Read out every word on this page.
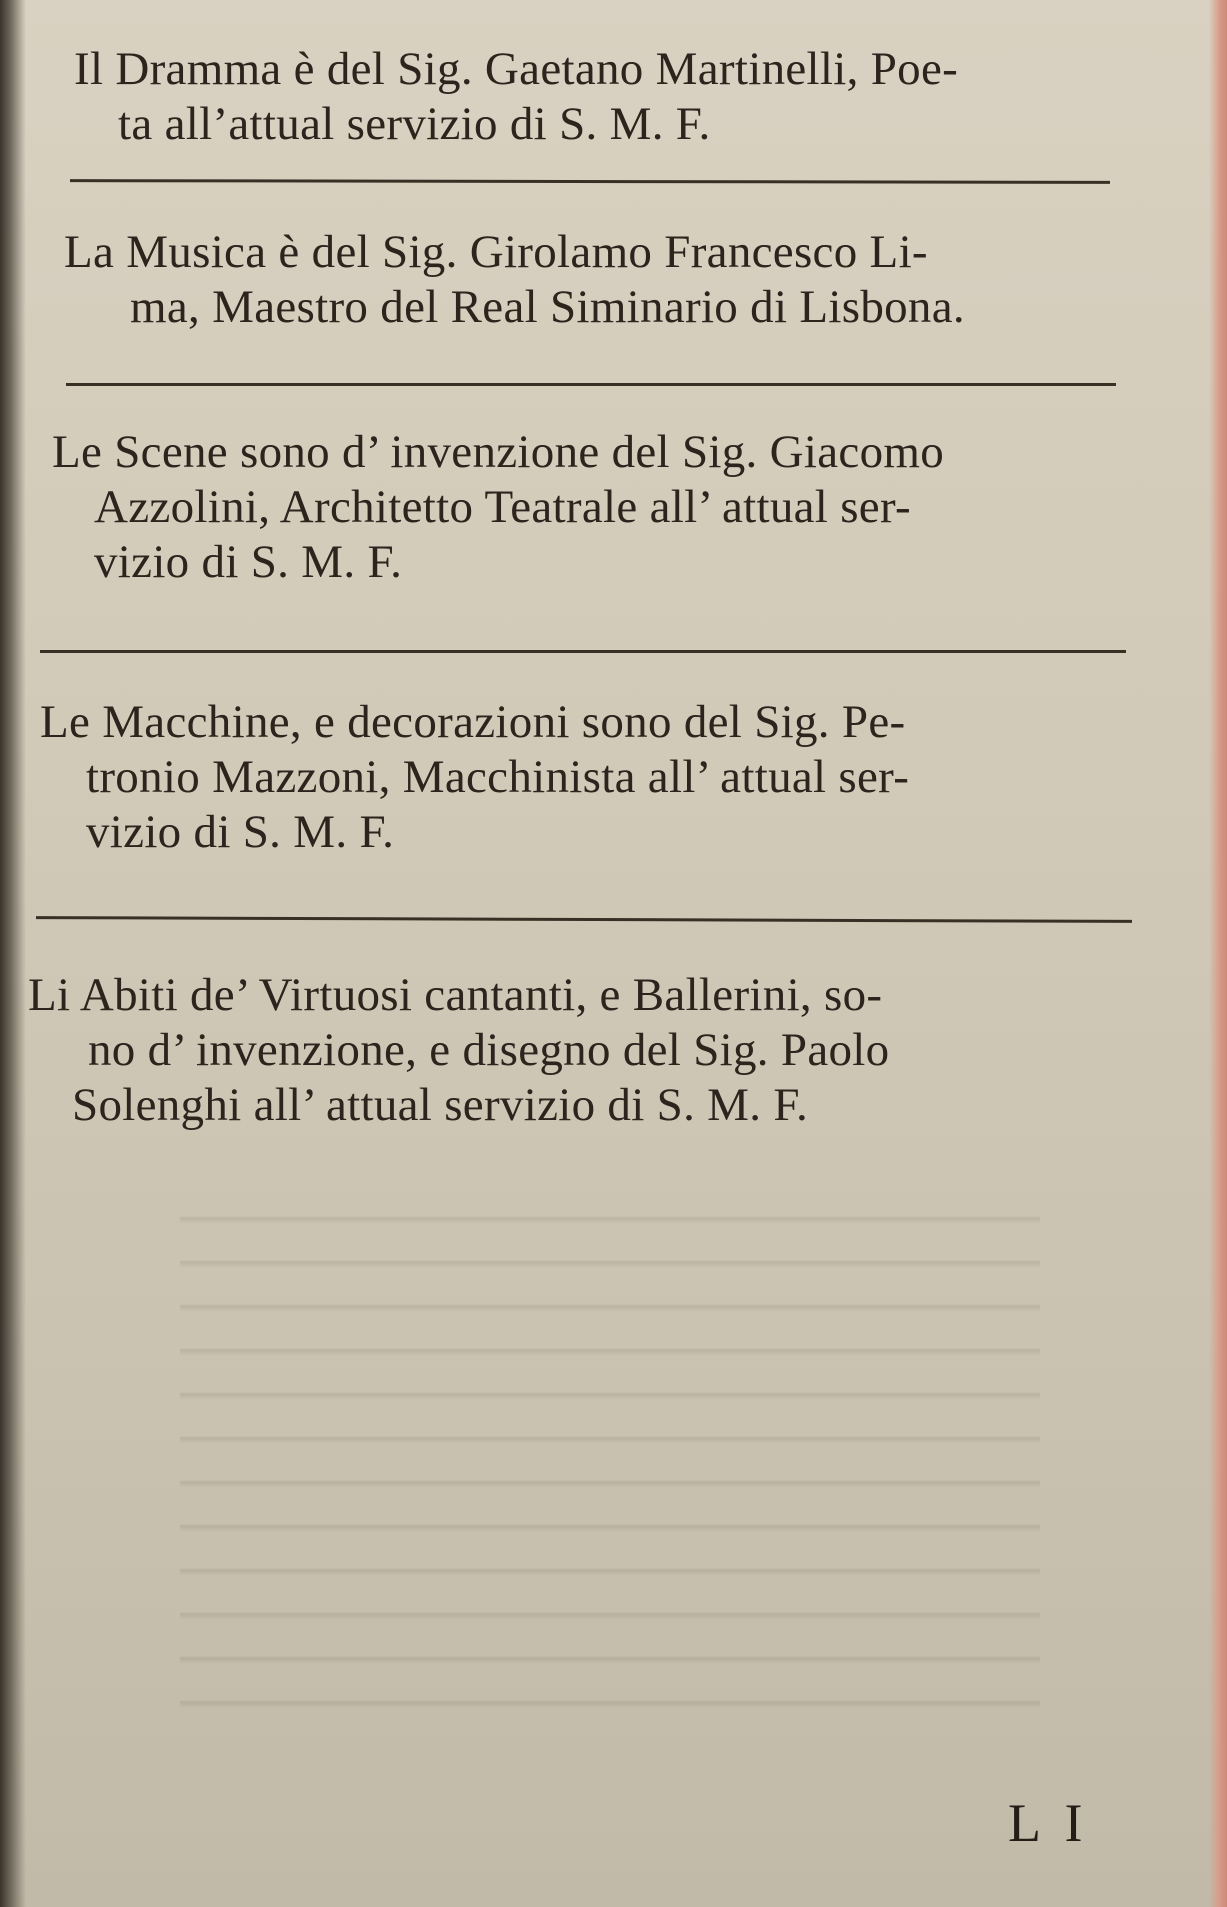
Il Dramma è del Sig. Gaetano Martinelli, Poe-
ta all’attual servizio di S. M. F.
La Musica è del Sig. Girolamo Francesco Li-
ma, Maestro del Real Siminario di Lisbona.
Le Scene sono d’ invenzione del Sig. Giacomo
Azzolini, Architetto Teatrale all’ attual ser-
vizio di S. M. F.
Le Macchine, e decorazioni sono del Sig. Pe-
tronio Mazzoni, Macchinista all’ attual ser-
vizio di S. M. F.
Li Abiti de’ Virtuosi cantanti, e Ballerini, so-
no d’ invenzione, e disegno del Sig. Paolo
Solenghi all’ attual servizio di S. M. F.
L I
